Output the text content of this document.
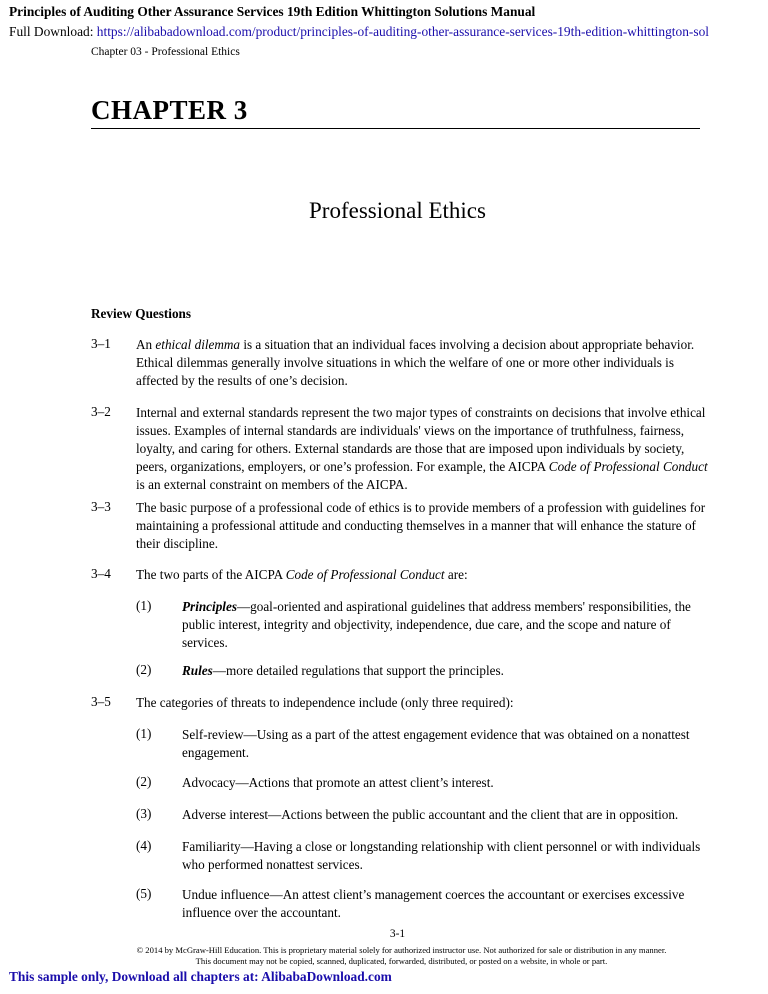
Principles of Auditing Other Assurance Services 19th Edition Whittington Solutions Manual
Full Download: https://alibabadownload.com/product/principles-of-auditing-other-assurance-services-19th-edition-whittington-sol
Chapter 03 - Professional Ethics
CHAPTER 3
Professional Ethics
Review Questions
3–1 An ethical dilemma is a situation that an individual faces involving a decision about appropriate behavior. Ethical dilemmas generally involve situations in which the welfare of one or more other individuals is affected by the results of one’s decision.
3–2 Internal and external standards represent the two major types of constraints on decisions that involve ethical issues. Examples of internal standards are individuals' views on the importance of truthfulness, fairness, loyalty, and caring for others. External standards are those that are imposed upon individuals by society, peers, organizations, employers, or one’s profession. For example, the AICPA Code of Professional Conduct is an external constraint on members of the AICPA.
3–3 The basic purpose of a professional code of ethics is to provide members of a profession with guidelines for maintaining a professional attitude and conducting themselves in a manner that will enhance the stature of their discipline.
3–4 The two parts of the AICPA Code of Professional Conduct are:
(1) Principles—goal-oriented and aspirational guidelines that address members' responsibilities, the public interest, integrity and objectivity, independence, due care, and the scope and nature of services.
(2) Rules—more detailed regulations that support the principles.
3–5 The categories of threats to independence include (only three required):
(1) Self-review—Using as a part of the attest engagement evidence that was obtained on a nonattest engagement.
(2) Advocacy—Actions that promote an attest client’s interest.
(3) Adverse interest—Actions between the public accountant and the client that are in opposition.
(4) Familiarity—Having a close or longstanding relationship with client personnel or with individuals who performed nonattest services.
(5) Undue influence—An attest client’s management coerces the accountant or exercises excessive influence over the accountant.
3-1
© 2014 by McGraw-Hill Education. This is proprietary material solely for authorized instructor use. Not authorized for sale or distribution in any manner.
This document may not be copied, scanned, duplicated, forwarded, distributed, or posted on a website, in whole or part.
This sample only, Download all chapters at: AlibabaDownload.com
